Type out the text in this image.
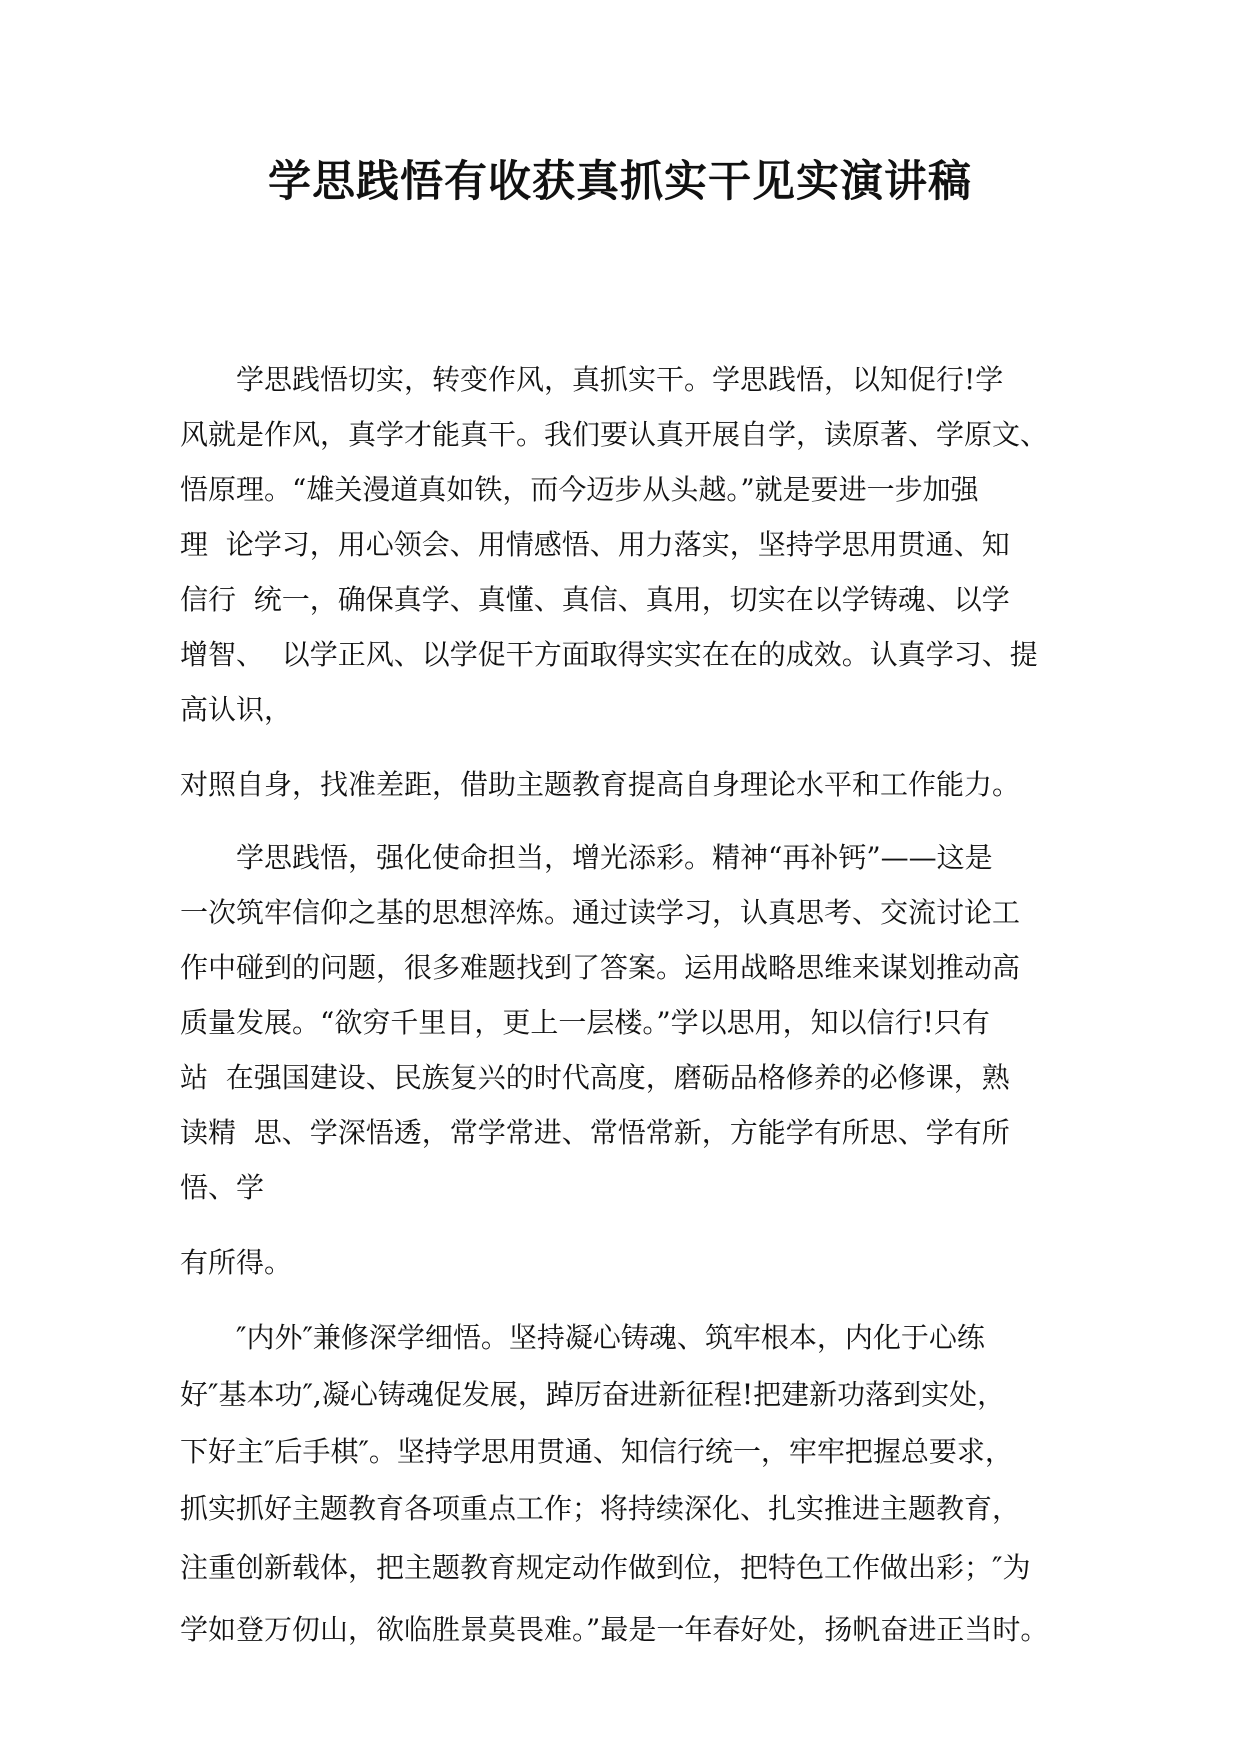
学思践悟有收获真抓实干见实演讲稿

　　学思践悟切实，转变作风，真抓实干。学思践悟，以知促行!学

风就是作风，真学才能真干。我们要认真开展自学，读原著、学原文、

悟原理。“雄关漫道真如铁，而今迈步从头越。”就是要进一步加强

理  论学习，用心领会、用情感悟、用力落实，坚持学思用贯通、知

信行  统一，确保真学、真懂、真信、真用，切实在以学铸魂、以学

增智、  以学正风、以学促干方面取得实实在在的成效。认真学习、提

高认识，

对照自身，找准差距，借助主题教育提高自身理论水平和工作能力。

　　学思践悟，强化使命担当，增光添彩。精神“再补钙”——这是

一次筑牢信仰之基的思想淬炼。通过读学习，认真思考、交流讨论工

作中碰到的问题，很多难题找到了答案。运用战略思维来谋划推动高

质量发展。“欲穷千里目，更上一层楼。”学以思用，知以信行!只有

站  在强国建设、民族复兴的时代高度，磨砺品格修养的必修课，熟

读精  思、学深悟透，常学常进、常悟常新，方能学有所思、学有所

悟、学

有所得。

　　″内外″兼修深学细悟。坚持凝心铸魂、筑牢根本，内化于心练

好″基本功″,凝心铸魂促发展，踔厉奋进新征程!把建新功落到实处，

下好主″后手棋″。坚持学思用贯通、知信行统一，牢牢把握总要求，

抓实抓好主题教育各项重点工作；将持续深化、扎实推进主题教育，

注重创新载体，把主题教育规定动作做到位，把特色工作做出彩；″为

学如登万仞山，欲临胜景莫畏难。”最是一年春好处，扬帆奋进正当时。
